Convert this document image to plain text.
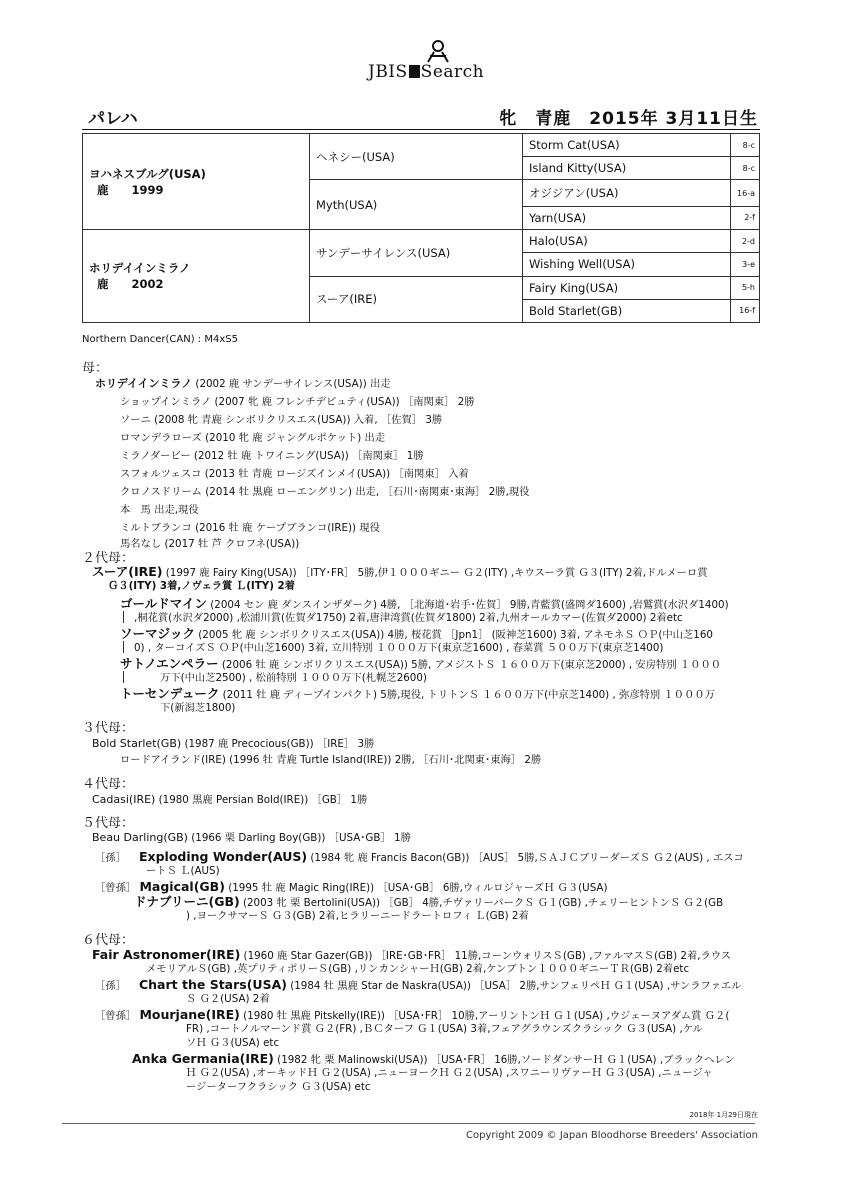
JBIS Search
パレハ	牝　青鹿　2015年 3月11日生
ヨハネスブルグ(USA)
鹿　　 1999	ヘネシー(USA)	Storm Cat(USA)	8-c
		Island Kitty(USA)	8-c
	Myth(USA)	オジジアン(USA)	16-a
		Yarn(USA)	2-f
ホリデイインミラノ
鹿　　 2002	サンデーサイレンス(USA)	Halo(USA)	2-d
		Wishing Well(USA)	3-e
	スーア(IRE)	Fairy King(USA)	5-h
		Bold Starlet(GB)	16-f
Northern Dancer(CAN) : M4xS5
母：
２代母：
３代母：
４代母：
５代母：
６代母：
ホリデイインミラノ (2002 鹿 サンデーサイレンス(USA)) 出走
ショップインミラノ (2007 牝 鹿 フレンチデピュティ(USA)) ［南関東］ 2勝
ソーニ (2008 牝 青鹿 シンボリクリスエス(USA)) 入着, ［佐賀］ 3勝
ロマンデラローズ (2010 牝 鹿 ジャングルポケット) 出走
ミラノダービー (2012 牡 鹿 トワイニング(USA)) ［南関東］ 1勝
スフォルツェスコ (2013 牡 青鹿 ロージズインメイ(USA)) ［南関東］ 入着
クロノスドリーム (2014 牡 黒鹿 ローエングリン) 出走, ［石川･南関東･東海］ 2勝,現役
本　馬 出走,現役
ミルトブランコ (2016 牡 鹿 ケープブランコ(IRE)) 現役
スーア(IRE) (1997 鹿 Fairy King(USA)) ［ITY･FR］ 5勝,伊１０００ギニー Ｇ２(ITY) ,キウスーラ賞 Ｇ３(ITY) 2着,ドルメーロ賞
Ｇ３(ITY) 3着,ノヴェラ賞 Ｌ(ITY) 2着
ゴールドマイン (2004 セン 鹿 ダンスインザダーク) 4勝, ［北海道･岩手･佐賀］ 9勝,青藍賞(盛岡ダ1600) ,岩鷲賞(水沢ダ1400)
,桐花賞(水沢ダ2000) ,松浦川賞(佐賀ダ1750) 2着,唐津湾賞(佐賀ダ1800) 2着,九州オールカマー(佐賀ダ2000) 2着etc
ソーマジック (2005 牝 鹿 シンボリクリスエス(USA)) 4勝, 桜花賞 ［Jpn1］ (阪神芝1600) 3着, アネモネＳ ＯＰ(中山芝160
0) , ターコイズＳ ＯＰ(中山芝1600) 3着, 立川特別 １０００万下(東京芝1600) , 春菜賞 ５００万下(東京芝1400)
サトノエンペラー (2006 牡 鹿 シンボリクリスエス(USA)) 5勝, アメジストＳ １６００万下(東京芝2000) , 安房特別 １０００
万下(中山芝2500) , 松前特別 １０００万下(札幌芝2600)
トーセンデューク (2011 牡 鹿 ディープインパクト) 5勝,現役, トリトンＳ １６００万下(中京芝1400) , 弥彦特別 １０００万
下(新潟芝1800)
Bold Starlet(GB) (1987 鹿 Precocious(GB)) ［IRE］ 3勝
ロードアイランド(IRE) (1996 牡 青鹿 Turtle Island(IRE)) 2勝, ［石川･北関東･東海］ 2勝
Cadasi(IRE) (1980 黒鹿 Persian Bold(IRE)) ［GB］ 1勝
Beau Darling(GB) (1966 栗 Darling Boy(GB)) ［USA･GB］ 1勝
［孫］ Exploding Wonder(AUS) (1984 牝 鹿 Francis Bacon(GB)) ［AUS］ 5勝,ＳＡＪＣブリーダーズＳ Ｇ２(AUS) , エスコ
ートＳ Ｌ(AUS)
［曾孫］ Magical(GB) (1995 牡 鹿 Magic Ring(IRE)) ［USA･GB］ 6勝,ウィルロジャーズＨ Ｇ３(USA)
ドナブリーニ(GB) (2003 牝 栗 Bertolini(USA)) ［GB］ 4勝,チヴァリーパークＳ Ｇ１(GB) ,チェリーヒントンＳ Ｇ２(GB
) ,ヨークサマーＳ Ｇ３(GB) 2着,ヒラリーニードラートロフィ Ｌ(GB) 2着
Fair Astronomer(IRE) (1960 鹿 Star Gazer(GB)) ［IRE･GB･FR］ 11勝,コーンウォリスＳ(GB) ,ファルマスＳ(GB) 2着,ラウス
メモリアルＳ(GB) ,英プリティポリーＳ(GB) ,リンカンシャーＨ(GB) 2着,ケンブトン１０００ギニーＴＲ(GB) 2着etc
［孫］ Chart the Stars(USA) (1984 牡 黒鹿 Star de Naskra(USA)) ［USA］ 2勝,サンフェリペＨ Ｇ１(USA) ,サンラファエル
Ｓ Ｇ２(USA) 2着
［曾孫］ Mourjane(IRE) (1980 牡 黒鹿 Pitskelly(IRE)) ［USA･FR］ 10勝,アーリントンＨ Ｇ１(USA) ,ウジェーヌアダム賞 Ｇ２(
FR) ,コートノルマーンド賞 Ｇ２(FR) ,ＢＣターフ Ｇ１(USA) 3着,フェアグラウンズクラシック Ｇ３(USA) ,ケル
ソＨ Ｇ３(USA) etc
Anka Germania(IRE) (1982 牝 栗 Malinowski(USA)) ［USA･FR］ 16勝,ソードダンサーＨ Ｇ１(USA) ,ブラックヘレン
Ｈ Ｇ２(USA) ,オーキッドＨ Ｇ２(USA) ,ニューヨークＨ Ｇ２(USA) ,スワニーリヴァーＨ Ｇ３(USA) ,ニュージャ
ージーターフクラシック Ｇ３(USA) etc
2018年 1月29日現在
Copyright 2009 © Japan Bloodhorse Breeders' Association
馬名なし (2017 牡 芦 クロフネ(USA))
